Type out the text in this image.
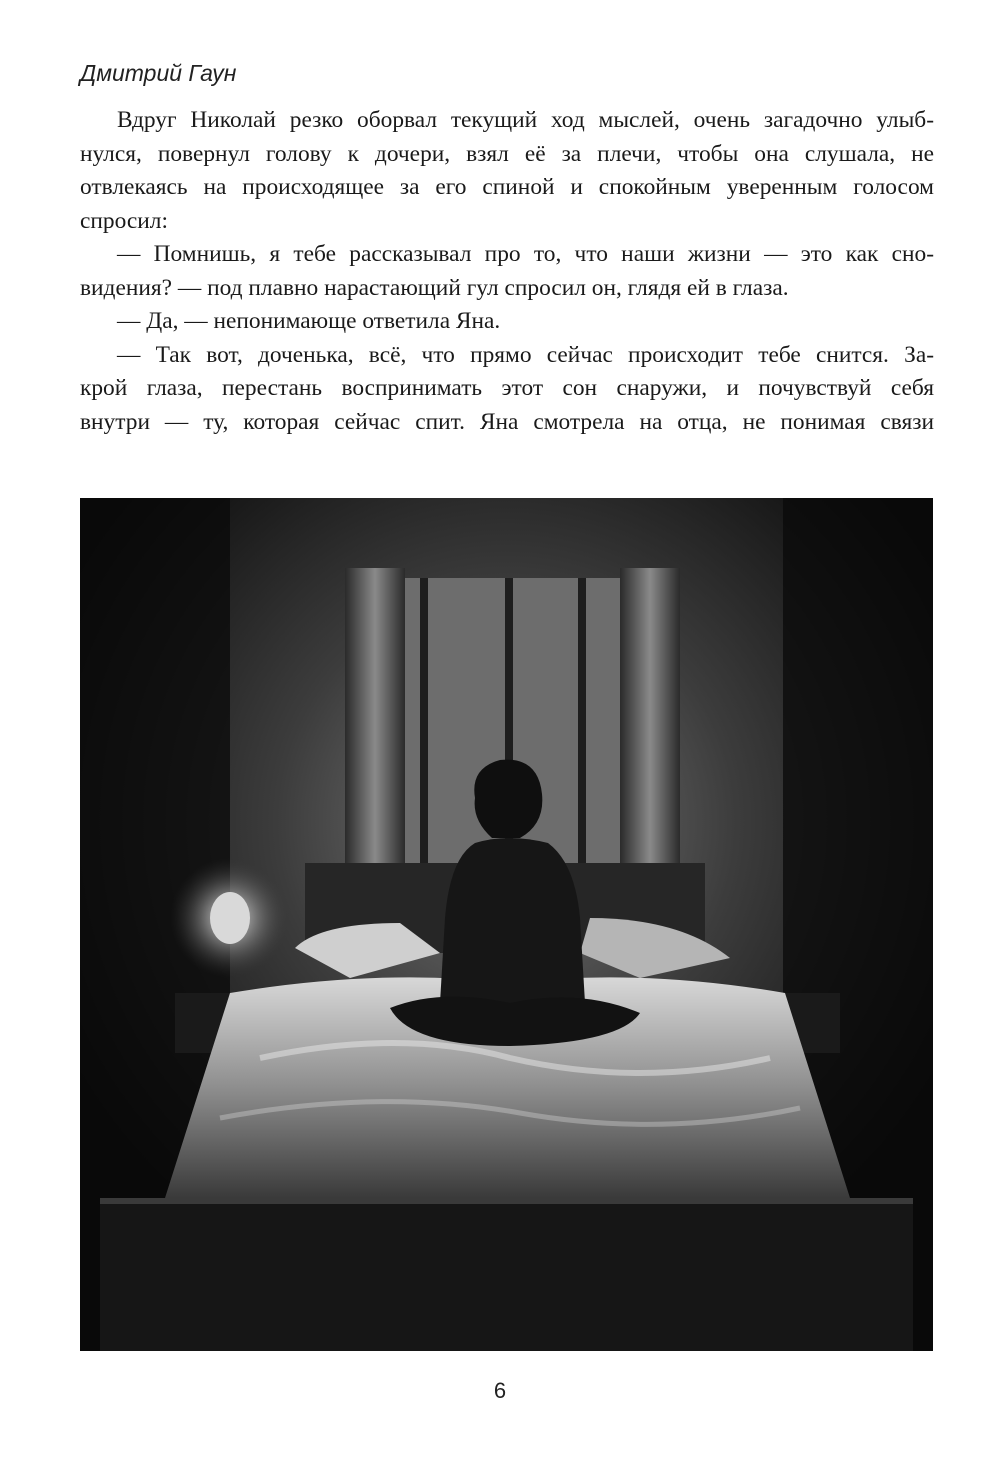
Дмитрий Гаун

Вдруг Николай резко оборвал текущий ход мыслей, очень загадочно улыб-
нулся, повернул голову к дочери, взял её за плечи, чтобы она слушала, не
отвлекаясь на происходящее за его спиной и спокойным уверенным голосом
спросил:

— Помнишь, я тебе рассказывал про то, что наши жизни — это как сно-
видения? — под плавно нарастающий гул спросил он, глядя ей в глаза.

— Да, — непонимающе ответила Яна.

— Так вот, доченька, всё, что прямо сейчас происходит тебе снится. За-
крой глаза, перестань воспринимать этот сон снаружи, и почувствуй себя
внутри — ту, которая сейчас спит. Яна смотрела на отца, не понимая связи

6
